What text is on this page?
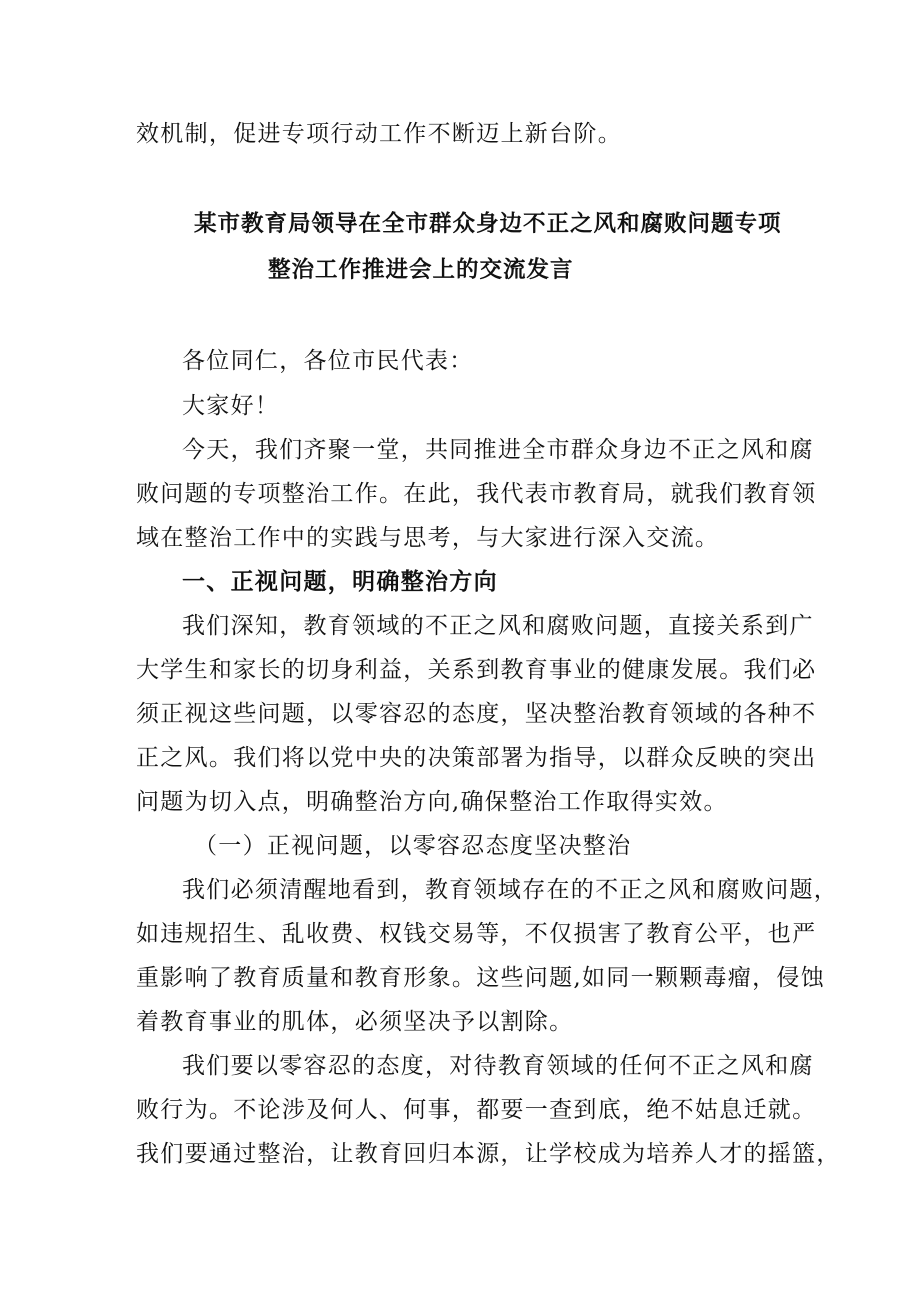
效机制，促进专项行动工作不断迈上新台阶。
某市教育局领导在全市群众身边不正之风和腐败问题专项
整治工作推进会上的交流发言
各位同仁，各位市民代表：
大家好！
今天，我们齐聚一堂，共同推进全市群众身边不正之风和腐
败问题的专项整治工作。在此，我代表市教育局，就我们教育领
域在整治工作中的实践与思考，与大家进行深入交流。
一、正视问题，明确整治方向
我们深知，教育领域的不正之风和腐败问题，直接关系到广
大学生和家长的切身利益，关系到教育事业的健康发展。我们必
须正视这些问题，以零容忍的态度，坚决整治教育领域的各种不
正之风。我们将以党中央的决策部署为指导，以群众反映的突出
问题为切入点，明确整治方向,确保整治工作取得实效。
（一）正视问题，以零容忍态度坚决整治
我们必须清醒地看到，教育领域存在的不正之风和腐败问题，
如违规招生、乱收费、权钱交易等，不仅损害了教育公平，也严
重影响了教育质量和教育形象。这些问题,如同一颗颗毒瘤，侵蚀
着教育事业的肌体，必须坚决予以割除。
我们要以零容忍的态度，对待教育领域的任何不正之风和腐
败行为。不论涉及何人、何事，都要一查到底，绝不姑息迁就。
我们要通过整治，让教育回归本源，让学校成为培养人才的摇篮，
